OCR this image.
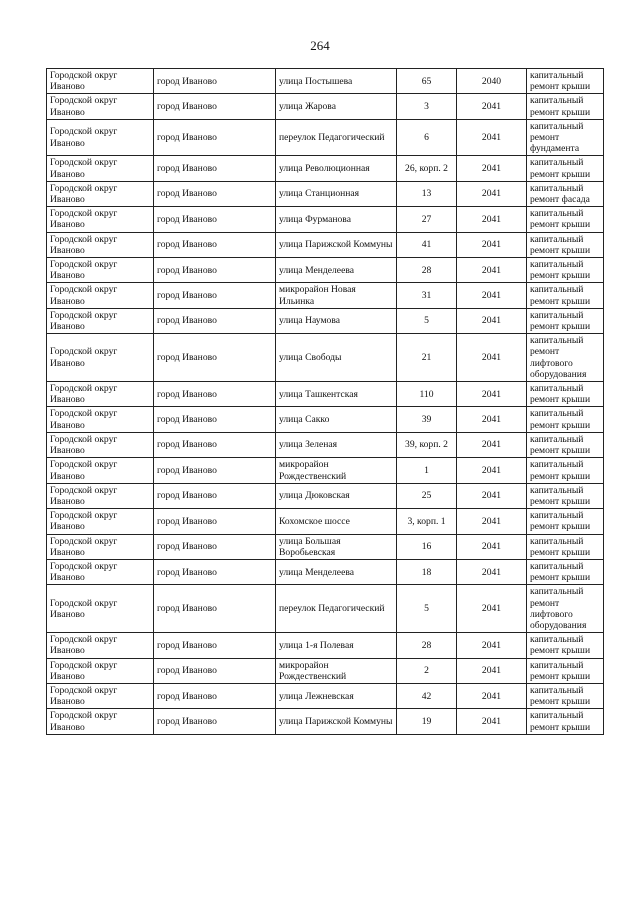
264
Городской округ Иваново	город Иваново	улица Постышева	65	2040	капитальный ремонт крыши
Городской округ Иваново	город Иваново	улица Жарова	3	2041	капитальный ремонт крыши
Городской округ Иваново	город Иваново	переулок Педагогический	6	2041	капитальный ремонт фундамента
Городской округ Иваново	город Иваново	улица Революционная	26, корп. 2	2041	капитальный ремонт крыши
Городской округ Иваново	город Иваново	улица Станционная	13	2041	капитальный ремонт фасада
Городской округ Иваново	город Иваново	улица Фурманова	27	2041	капитальный ремонт крыши
Городской округ Иваново	город Иваново	улица Парижской Коммуны	41	2041	капитальный ремонт крыши
Городской округ Иваново	город Иваново	улица Менделеева	28	2041	капитальный ремонт крыши
Городской округ Иваново	город Иваново	микрорайон Новая Ильинка	31	2041	капитальный ремонт крыши
Городской округ Иваново	город Иваново	улица Наумова	5	2041	капитальный ремонт крыши
Городской округ Иваново	город Иваново	улица Свободы	21	2041	капитальный ремонт лифтового оборудования
Городской округ Иваново	город Иваново	улица Ташкентская	110	2041	капитальный ремонт крыши
Городской округ Иваново	город Иваново	улица Сакко	39	2041	капитальный ремонт крыши
Городской округ Иваново	город Иваново	улица Зеленая	39, корп. 2	2041	капитальный ремонт крыши
Городской округ Иваново	город Иваново	микрорайон Рождественский	1	2041	капитальный ремонт крыши
Городской округ Иваново	город Иваново	улица Дюковская	25	2041	капитальный ремонт крыши
Городской округ Иваново	город Иваново	Кохомское шоссе	3, корп. 1	2041	капитальный ремонт крыши
Городской округ Иваново	город Иваново	улица Большая Воробьевская	16	2041	капитальный ремонт крыши
Городской округ Иваново	город Иваново	улица Менделеева	18	2041	капитальный ремонт крыши
Городской округ Иваново	город Иваново	переулок Педагогический	5	2041	капитальный ремонт лифтового оборудования
Городской округ Иваново	город Иваново	улица 1-я Полевая	28	2041	капитальный ремонт крыши
Городской округ Иваново	город Иваново	микрорайон Рождественский	2	2041	капитальный ремонт крыши
Городской округ Иваново	город Иваново	улица Лежневская	42	2041	капитальный ремонт крыши
Городской округ Иваново	город Иваново	улица Парижской Коммуны	19	2041	капитальный ремонт крыши
